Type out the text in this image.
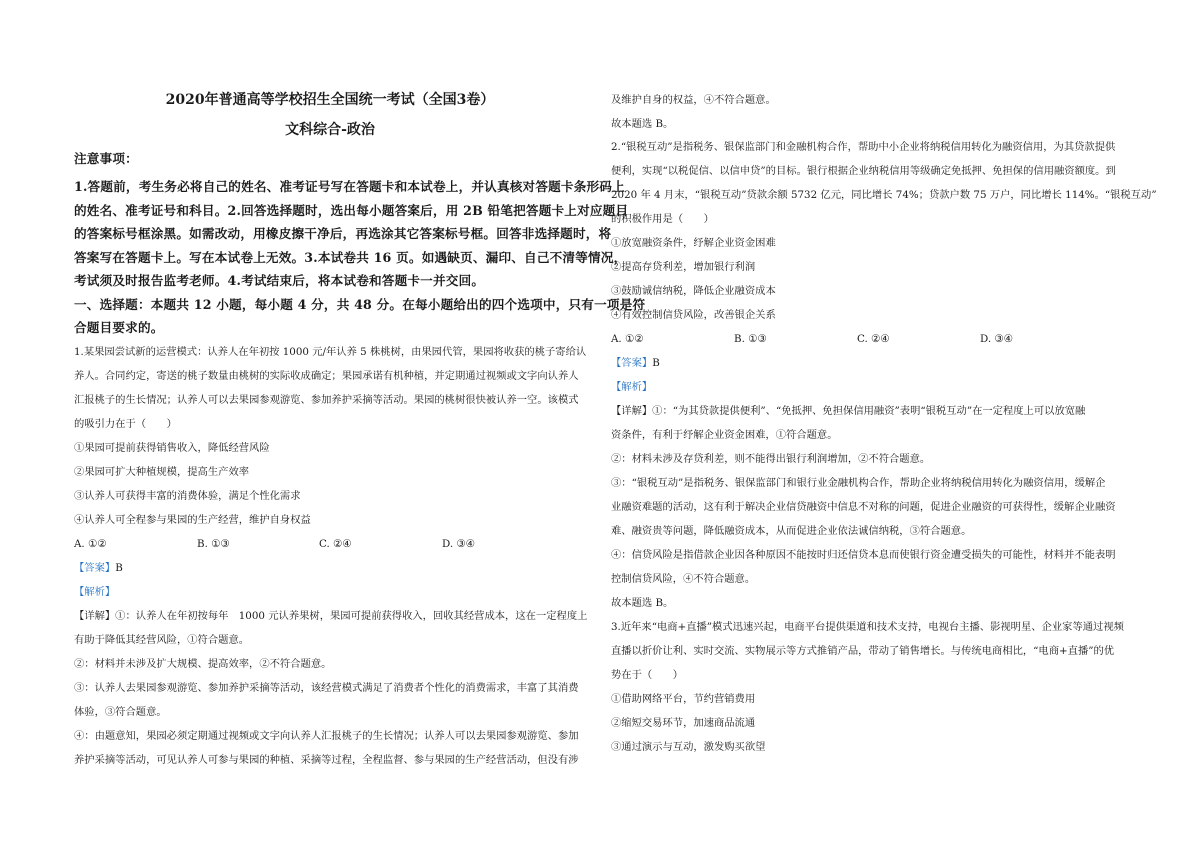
2020年普通高等学校招生全国统一考试（全国3卷）
文科综合-政治
注意事项：
1.答题前，考生务必将自己的姓名、准考证号写在答题卡和本试卷上，并认真核对答题卡条形码上
的姓名、准考证号和科目。2.回答选择题时，选出每小题答案后，用 2B 铅笔把答题卡上对应题目
的答案标号框涂黑。如需改动，用橡皮擦干净后，再选涂其它答案标号框。回答非选择题时，将
答案写在答题卡上。写在本试卷上无效。3.本试卷共 16 页。如遇缺页、漏印、自己不清等情况，
考试须及时报告监考老师。4.考试结束后，将本试卷和答题卡一并交回。
一、选择题：本题共 12 小题，每小题 4 分，共 48 分。在每小题给出的四个选项中，只有一项是符
合题目要求的。
1.某果园尝试新的运营模式：认养人在年初按 1000 元/年认养 5 株桃树，由果园代管，果园将收获的桃子寄给认
养人。合同约定，寄送的桃子数量由桃树的实际收成确定；果园承诺有机种植，并定期通过视频或文字向认养人
汇报桃子的生长情况；认养人可以去果园参观游览、参加养护采摘等活动。果园的桃树很快被认养一空。该模式
的吸引力在于（　　）
①果园可提前获得销售收入，降低经营风险
②果园可扩大种植规模，提高生产效率
③认养人可获得丰富的消费体验，满足个性化需求
④认养人可全程参与果园的生产经营，维护自身权益
A. ①②	B. ①③	C. ②④	D. ③④
【答案】B
【解析】
【详解】①：认养人在年初按每年　1000 元认养果树，果园可提前获得收入，回收其经营成本，这在一定程度上
有助于降低其经营风险，①符合题意。
②：材料并未涉及扩大规模、提高效率，②不符合题意。
③：认养人去果园参观游览、参加养护采摘等活动，该经营模式满足了消费者个性化的消费需求，丰富了其消费
体验，③符合题意。
④：由题意知，果园必须定期通过视频或文字向认养人汇报桃子的生长情况；认养人可以去果园参观游览、参加
养护采摘等活动，可见认养人可参与果园的种植、采摘等过程，全程监督、参与果园的生产经营活动，但没有涉
及维护自身的权益，④不符合题意。
故本题选 B。
2.“银税互动”是指税务、银保监部门和金融机构合作，帮助中小企业将纳税信用转化为融资信用，为其贷款提供
便利，实现“以税促信、以信申贷”的目标。银行根据企业纳税信用等级确定免抵押、免担保的信用融资额度。到
2020 年 4 月末，“银税互动”贷款余额 5732 亿元，同比增长 74%；贷款户数 75 万户，同比增长 114%。“银税互动”
的积极作用是（　　）
①放宽融资条件，纾解企业资金困难
②提高存贷利差，增加银行利润
③鼓励诚信纳税，降低企业融资成本
④有效控制信贷风险，改善银企关系
A. ①②	B. ①③	C. ②④	D. ③④
【答案】B
【解析】
【详解】①：“为其贷款提供便利”、“免抵押、免担保信用融资”表明“银税互动”在一定程度上可以放宽融
资条件，有利于纾解企业资金困难，①符合题意。
②：材料未涉及存贷利差，则不能得出银行利润增加，②不符合题意。
③：“银税互动”是指税务、银保监部门和银行业金融机构合作，帮助企业将纳税信用转化为融资信用，缓解企
业融资难题的活动，这有利于解决企业信贷融资中信息不对称的问题，促进企业融资的可获得性，缓解企业融资
难、融资贵等问题，降低融资成本，从而促进企业依法诚信纳税，③符合题意。
④：信贷风险是指借款企业因各种原因不能按时归还信贷本息而使银行资金遭受损失的可能性，材料并不能表明
控制信贷风险，④不符合题意。
故本题选 B。
3.近年来“电商+直播”模式迅速兴起，电商平台提供渠道和技术支持，电视台主播、影视明星、企业家等通过视频
直播以折价让利、实时交流、实物展示等方式推销产品，带动了销售增长。与传统电商相比，“电商+直播”的优
势在于（　　）
①借助网络平台，节约营销费用
②缩短交易环节，加速商品流通
③通过演示与互动，激发购买欲望
